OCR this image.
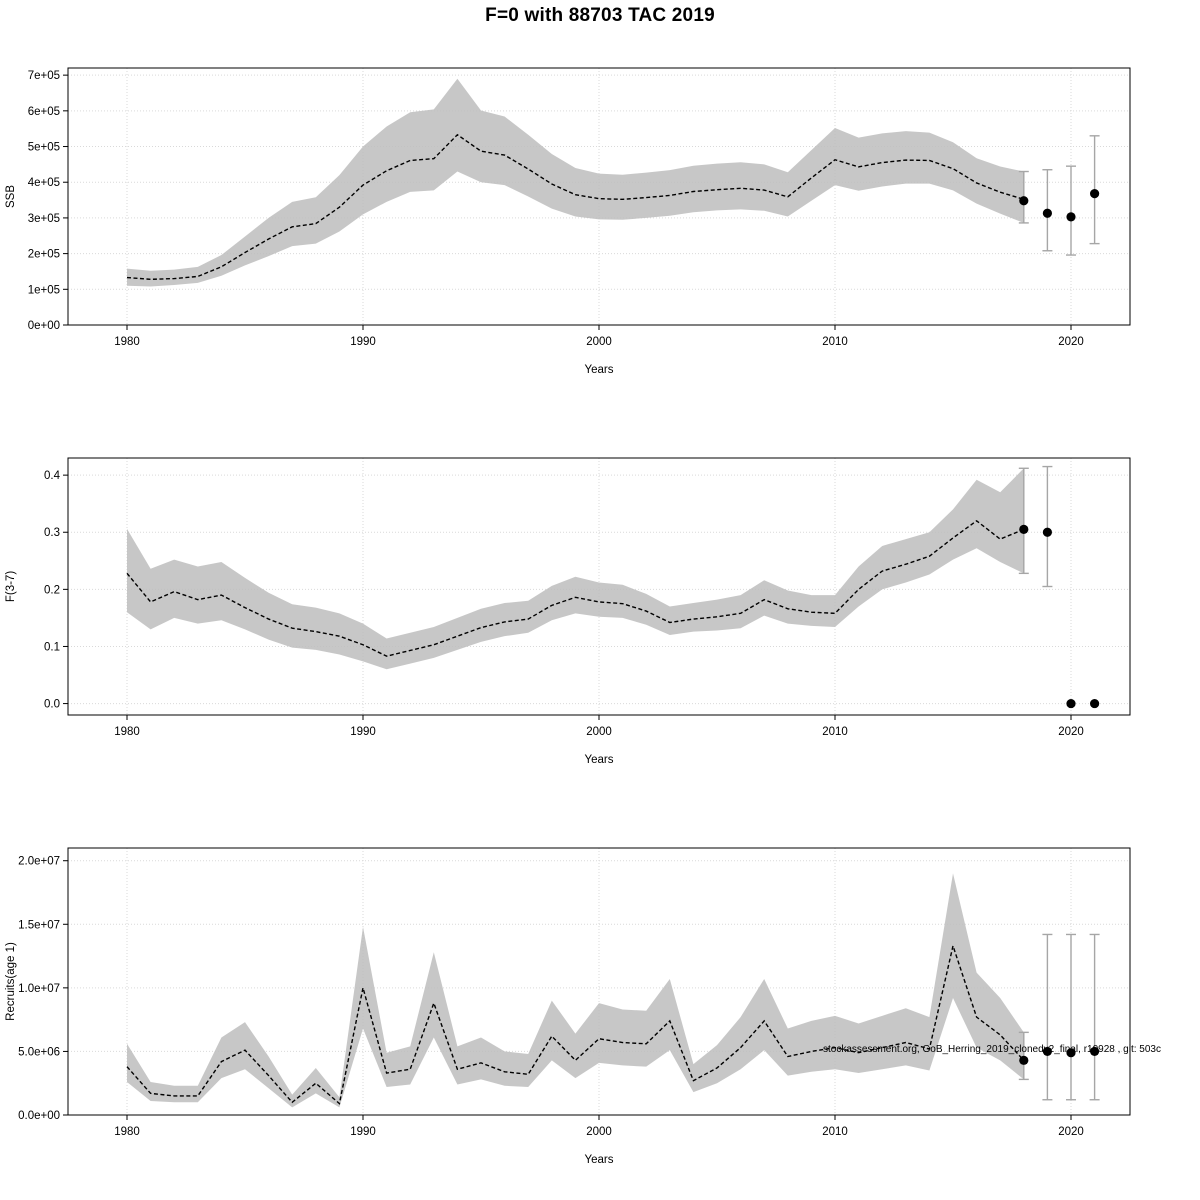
F=0 with 88703 TAC 2019
1980	1990	2000	2010	2020
0e+00
1e+05
2e+05
3e+05
4e+05
5e+05
6e+05
7e+05
Years
SSB
1980	1990	2000	2010	2020
0.0
0.1
0.2
0.3
0.4
Years
F(3-7)
1980	1990	2000	2010	2020
0.0e+00
5.0e+06
1.0e+07
1.5e+07
2.0e+07
Years
Recruits(age 1)
stockassessment.org, GoB_Herring_2019_clonedv2_final, r10928 , git: 503c
